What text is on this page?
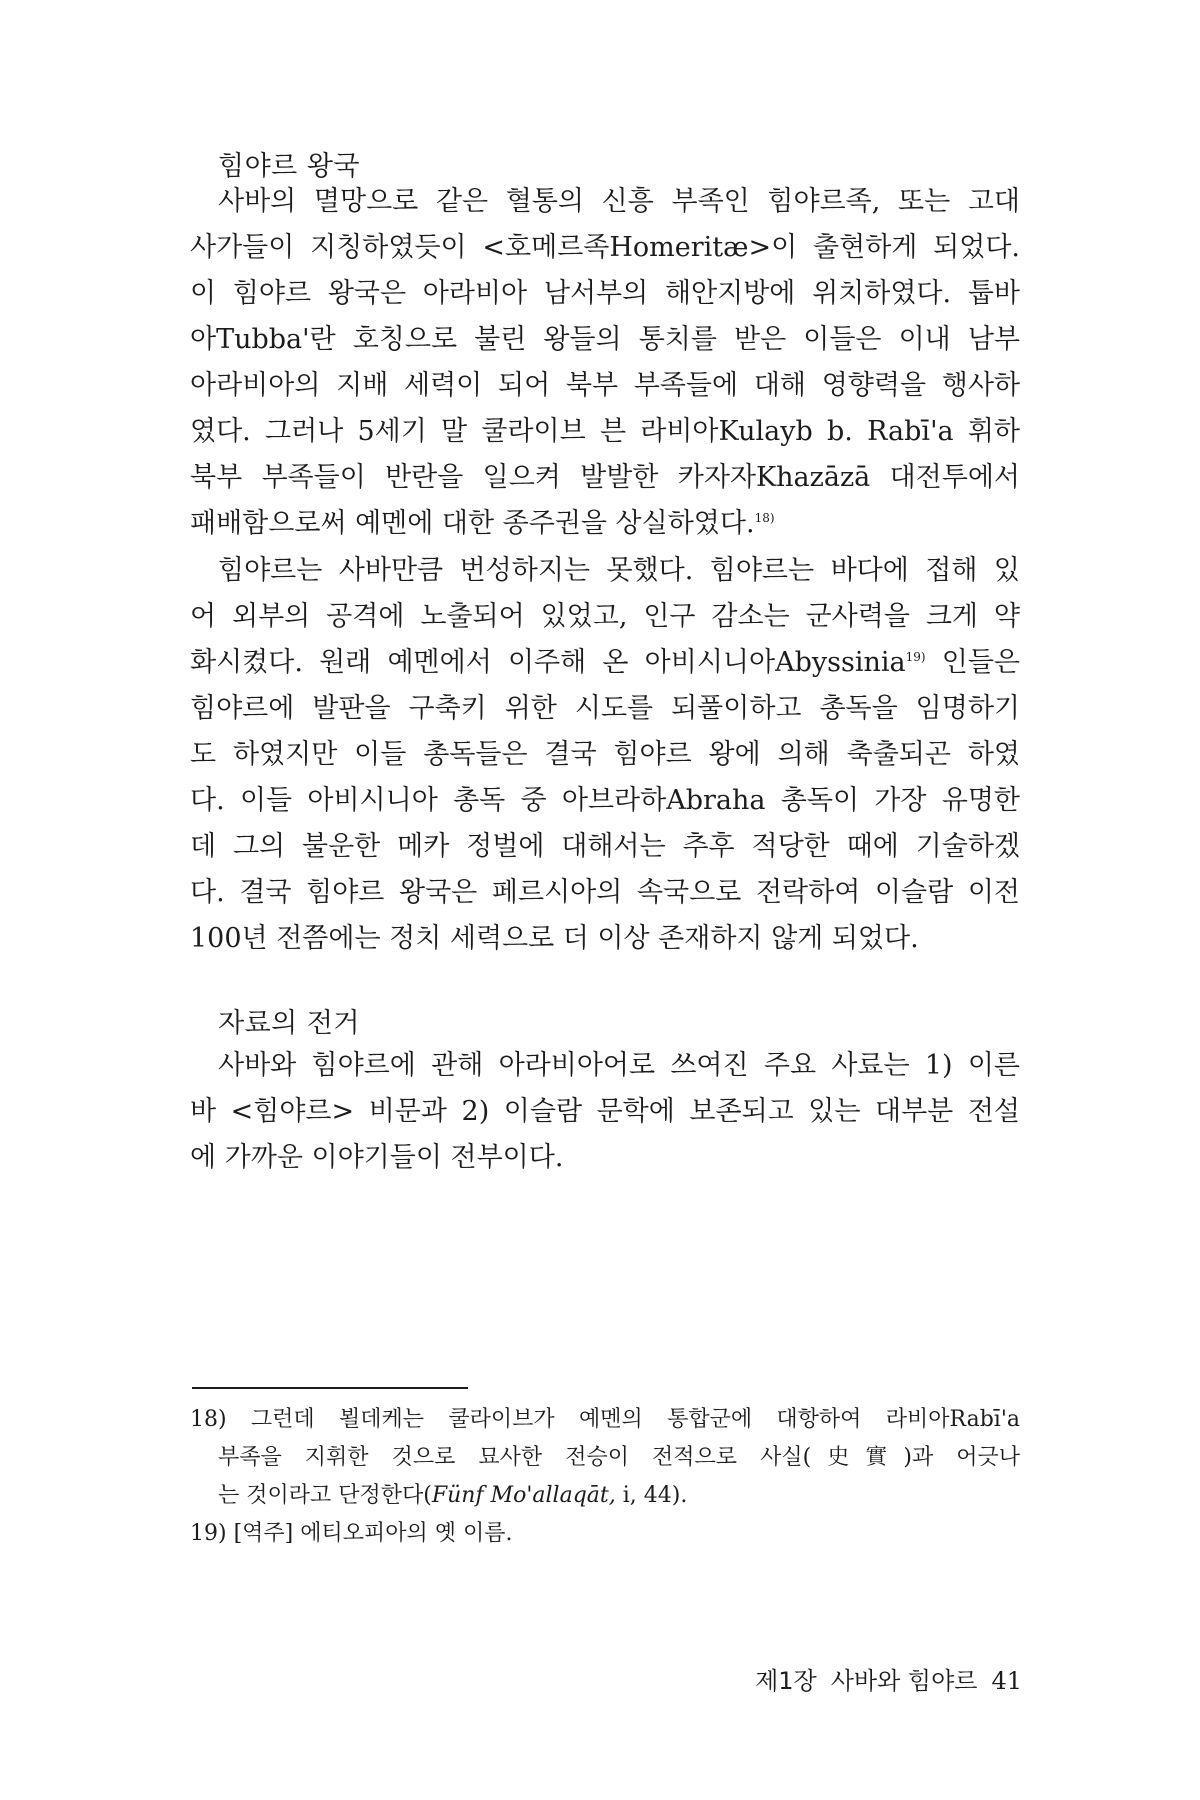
힘야르 왕국
사바의 멸망으로 같은 혈통의 신흥 부족인 힘야르족, 또는 고대
사가들이 지칭하였듯이 <호메르족Homeritæ>이 출현하게 되었다.
이 힘야르 왕국은 아라비아 남서부의 해안지방에 위치하였다. 툽바
아Tubba'란 호칭으로 불린 왕들의 통치를 받은 이들은 이내 남부
아라비아의 지배 세력이 되어 북부 부족들에 대해 영향력을 행사하
였다. 그러나 5세기 말 쿨라이브 븐 라비아Kulayb b. Rabī'a 휘하
북부 부족들이 반란을 일으켜 발발한 카자자Khazāzā 대전투에서
패배함으로써 예멘에 대한 종주권을 상실하였다.$^{18)}$
힘야르는 사바만큼 번성하지는 못했다. 힘야르는 바다에 접해 있
어 외부의 공격에 노출되어 있었고, 인구 감소는 군사력을 크게 약
화시켰다. 원래 예멘에서 이주해 온 아비시니아Abyssinia$^{19)}$ 인들은
힘야르에 발판을 구축키 위한 시도를 되풀이하고 총독을 임명하기
도 하였지만 이들 총독들은 결국 힘야르 왕에 의해 축출되곤 하였
다. 이들 아비시니아 총독 중 아브라하Abraha 총독이 가장 유명한
데 그의 불운한 메카 정벌에 대해서는 추후 적당한 때에 기술하겠
다. 결국 힘야르 왕국은 페르시아의 속국으로 전락하여 이슬람 이전
100년 전쯤에는 정치 세력으로 더 이상 존재하지 않게 되었다.
자료의 전거
사바와 힘야르에 관해 아라비아어로 쓰여진 주요 사료는 1) 이른
바 <힘야르> 비문과 2) 이슬람 문학에 보존되고 있는 대부분 전설
에 가까운 이야기들이 전부이다.
18) 그런데 뵐데케는 쿨라이브가 예멘의 통합군에 대항하여 라비아Rabī'a
부족을 지휘한 것으로 묘사한 전승이 전적으로 사실(史實)과 어긋나
는 것이라고 단정한다(Fünf Mo'allaqāt, i, 44).
19) [역주] 에티오피아의 옛 이름.
제1장 사바와 힘야르 41
